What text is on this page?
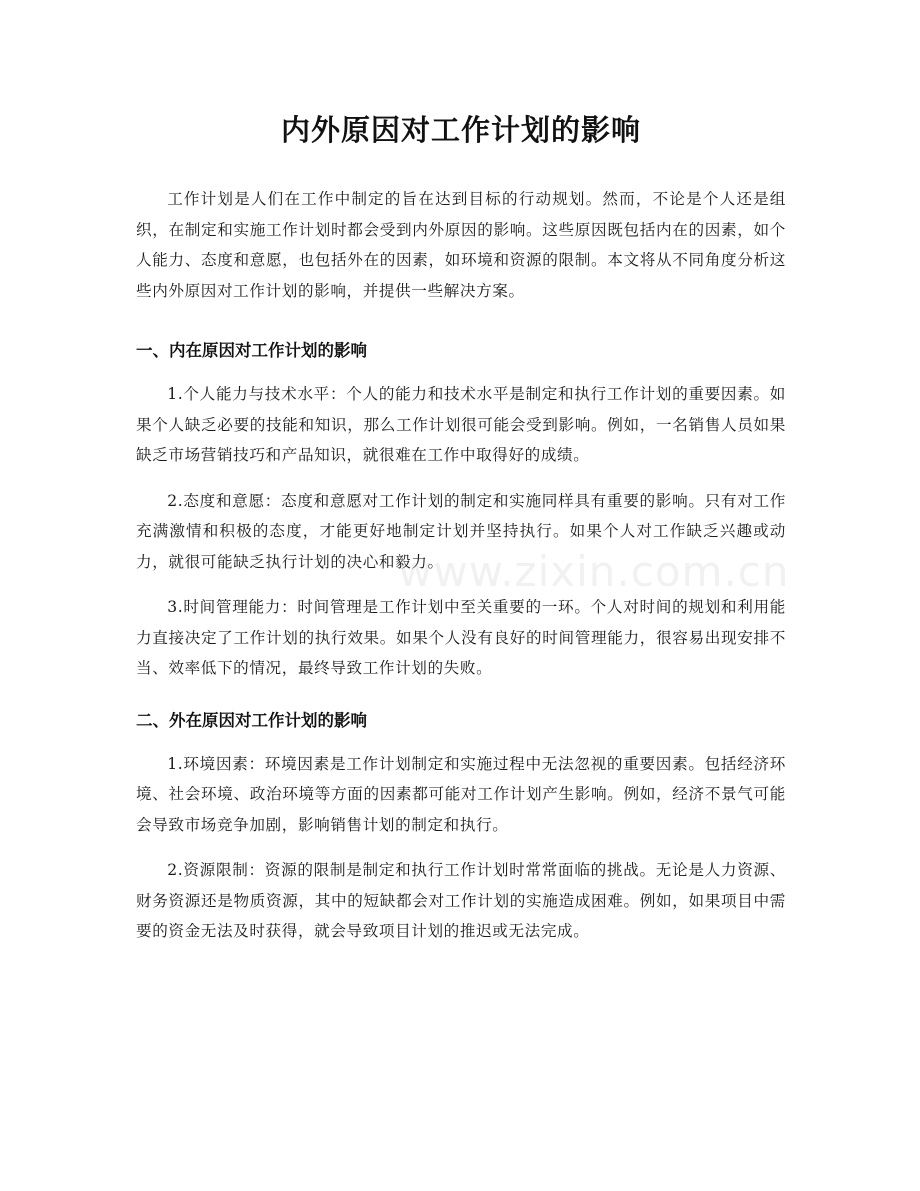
内外原因对工作计划的影响

工作计划是人们在工作中制定的旨在达到目标的行动规划。然而，不论是个人还是组织，在制定和实施工作计划时都会受到内外原因的影响。这些原因既包括内在的因素，如个人能力、态度和意愿，也包括外在的因素，如环境和资源的限制。本文将从不同角度分析这些内外原因对工作计划的影响，并提供一些解决方案。

一、内在原因对工作计划的影响

1.个人能力与技术水平：个人的能力和技术水平是制定和执行工作计划的重要因素。如果个人缺乏必要的技能和知识，那么工作计划很可能会受到影响。例如，一名销售人员如果缺乏市场营销技巧和产品知识，就很难在工作中取得好的成绩。

2.态度和意愿：态度和意愿对工作计划的制定和实施同样具有重要的影响。只有对工作充满激情和积极的态度，才能更好地制定计划并坚持执行。如果个人对工作缺乏兴趣或动力，就很可能缺乏执行计划的决心和毅力。

3.时间管理能力：时间管理是工作计划中至关重要的一环。个人对时间的规划和利用能力直接决定了工作计划的执行效果。如果个人没有良好的时间管理能力，很容易出现安排不当、效率低下的情况，最终导致工作计划的失败。

二、外在原因对工作计划的影响

1.环境因素：环境因素是工作计划制定和实施过程中无法忽视的重要因素。包括经济环境、社会环境、政治环境等方面的因素都可能对工作计划产生影响。例如，经济不景气可能会导致市场竞争加剧，影响销售计划的制定和执行。

2.资源限制：资源的限制是制定和执行工作计划时常常面临的挑战。无论是人力资源、财务资源还是物质资源，其中的短缺都会对工作计划的实施造成困难。例如，如果项目中需要的资金无法及时获得，就会导致项目计划的推迟或无法完成。

www.zixin.com.cn
